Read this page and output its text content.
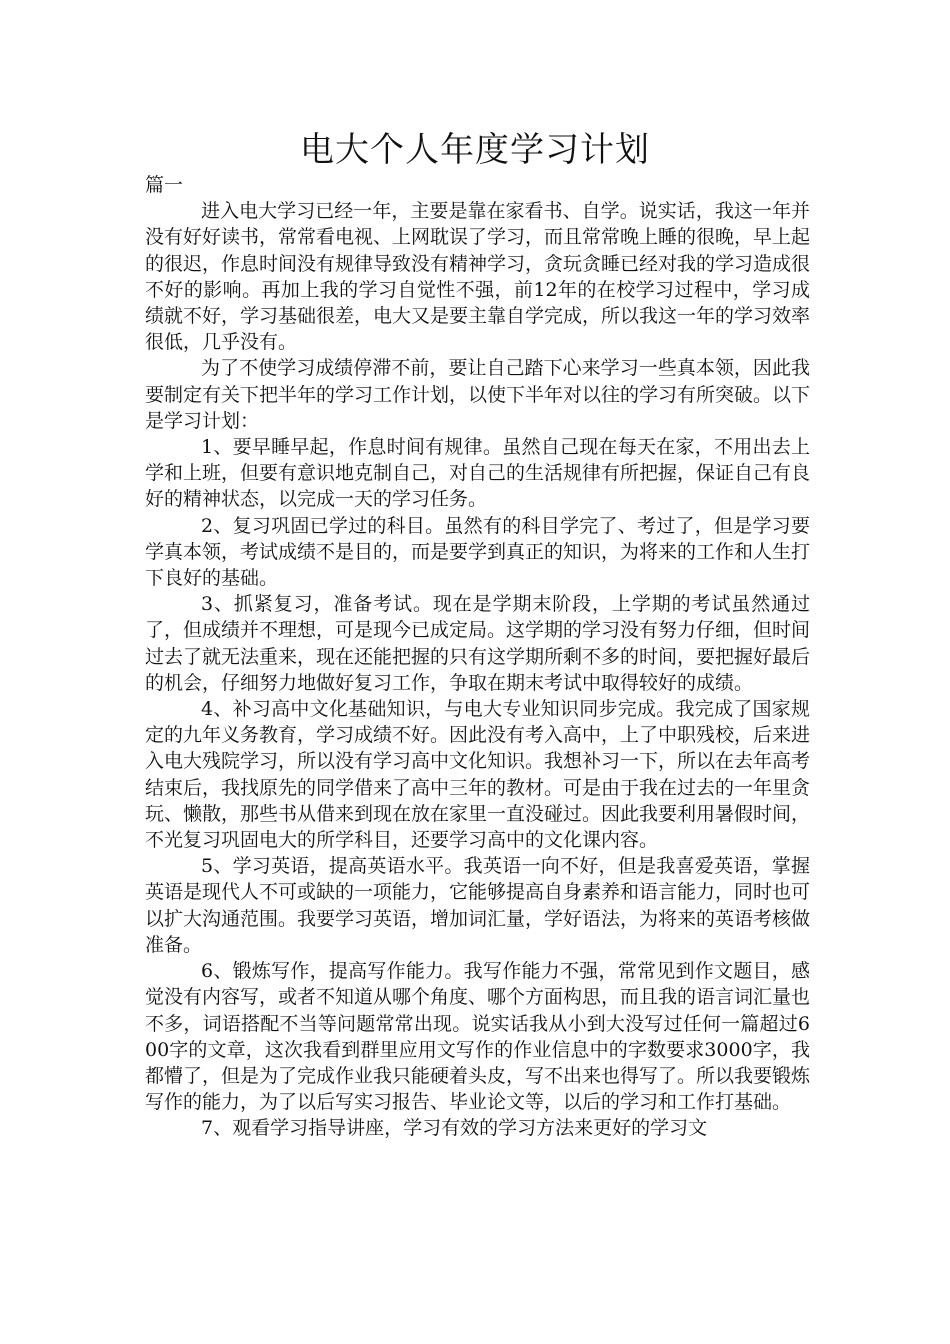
电大个人年度学习计划

篇一

进入电大学习已经一年，主要是靠在家看书、自学。说实话，我这一年并没有好好读书，常常看电视、上网耽误了学习，而且常常晚上睡的很晚，早上起的很迟，作息时间没有规律导致没有精神学习，贪玩贪睡已经对我的学习造成很不好的影响。再加上我的学习自觉性不强，前12年的在校学习过程中，学习成绩就不好，学习基础很差，电大又是要主靠自学完成，所以我这一年的学习效率很低，几乎没有。

为了不使学习成绩停滞不前，要让自己踏下心来学习一些真本领，因此我要制定有关下把半年的学习工作计划，以使下半年对以往的学习有所突破。以下是学习计划：

1、要早睡早起，作息时间有规律。虽然自己现在每天在家，不用出去上学和上班，但要有意识地克制自己，对自己的生活规律有所把握，保证自己有良好的精神状态，以完成一天的学习任务。

2、复习巩固已学过的科目。虽然有的科目学完了、考过了，但是学习要学真本领，考试成绩不是目的，而是要学到真正的知识，为将来的工作和人生打下良好的基础。

3、抓紧复习，准备考试。现在是学期末阶段，上学期的考试虽然通过了，但成绩并不理想，可是现今已成定局。这学期的学习没有努力仔细，但时间过去了就无法重来，现在还能把握的只有这学期所剩不多的时间，要把握好最后的机会，仔细努力地做好复习工作，争取在期末考试中取得较好的成绩。

4、补习高中文化基础知识，与电大专业知识同步完成。我完成了国家规定的九年义务教育，学习成绩不好。因此没有考入高中，上了中职残校，后来进入电大残院学习，所以没有学习高中文化知识。我想补习一下，所以在去年高考结束后，我找原先的同学借来了高中三年的教材。可是由于我在过去的一年里贪玩、懒散，那些书从借来到现在放在家里一直没碰过。因此我要利用暑假时间，不光复习巩固电大的所学科目，还要学习高中的文化课内容。

5、学习英语，提高英语水平。我英语一向不好，但是我喜爱英语，掌握英语是现代人不可或缺的一项能力，它能够提高自身素养和语言能力，同时也可以扩大沟通范围。我要学习英语，增加词汇量，学好语法，为将来的英语考核做准备。

6、锻炼写作，提高写作能力。我写作能力不强，常常见到作文题目，感觉没有内容写，或者不知道从哪个角度、哪个方面构思，而且我的语言词汇量也不多，词语搭配不当等问题常常出现。说实话我从小到大没写过任何一篇超过600字的文章，这次我看到群里应用文写作的作业信息中的字数要求3000字，我都懵了，但是为了完成作业我只能硬着头皮，写不出来也得写了。所以我要锻炼写作的能力，为了以后写实习报告、毕业论文等，以后的学习和工作打基础。

7、观看学习指导讲座，学习有效的学习方法来更好的学习文
